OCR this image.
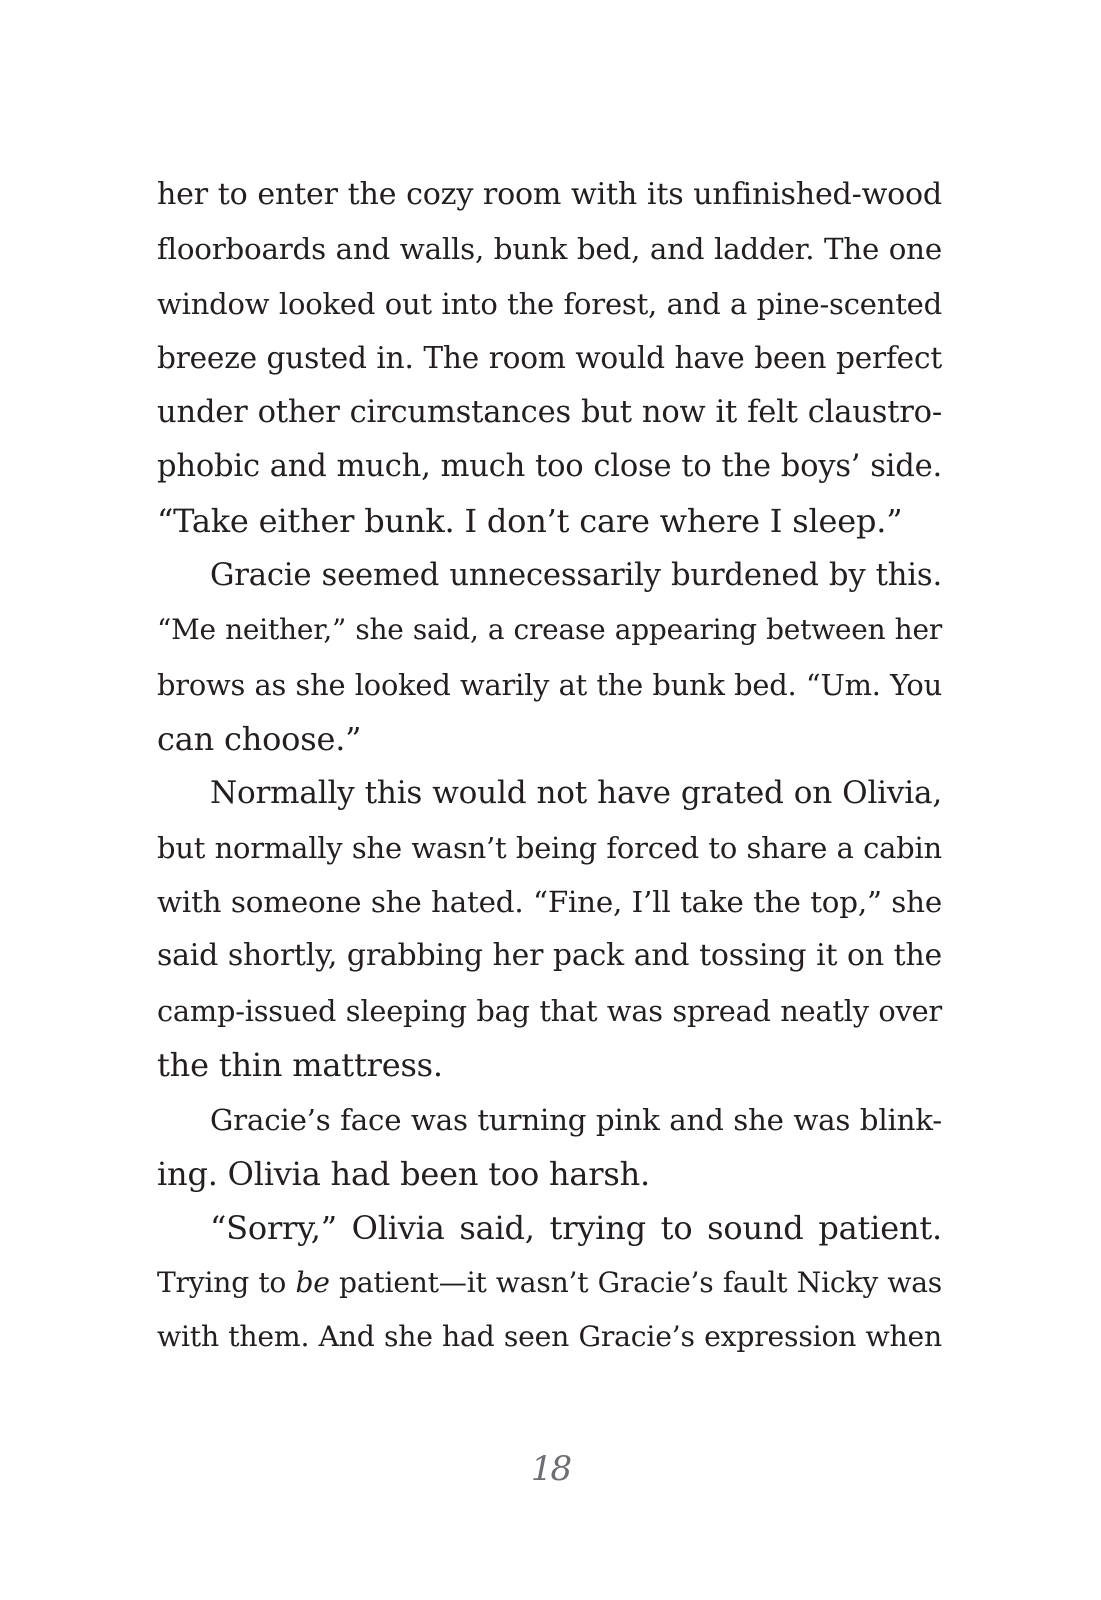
her to enter the cozy room with its unfinished-wood
floorboards and walls, bunk bed, and ladder. The one
window looked out into the forest, and a pine-scented
breeze gusted in. The room would have been perfect
under other circumstances but now it felt claustro-
phobic and much, much too close to the boys’ side.
“Take either bunk. I don’t care where I sleep.”
Gracie seemed unnecessarily burdened by this.
“Me neither,” she said, a crease appearing between her
brows as she looked warily at the bunk bed. “Um. You
can choose.”
Normally this would not have grated on Olivia,
but normally she wasn’t being forced to share a cabin
with someone she hated. “Fine, I’ll take the top,” she
said shortly, grabbing her pack and tossing it on the
camp-issued sleeping bag that was spread neatly over
the thin mattress.
Gracie’s face was turning pink and she was blink-
ing. Olivia had been too harsh.
“Sorry,” Olivia said, trying to sound patient.
Trying to be patient—it wasn’t Gracie’s fault Nicky was
with them. And she had seen Gracie’s expression when
18
